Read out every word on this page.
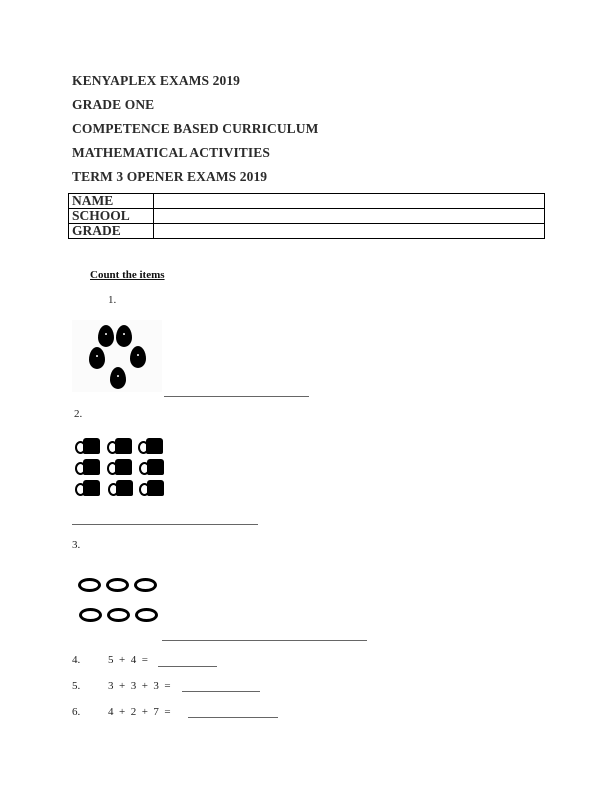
KENYAPLEX EXAMS 2019
GRADE ONE
COMPETENCE BASED CURRICULUM
MATHEMATICAL ACTIVITIES
TERM 3 OPENER EXAMS 2019
NAME	
SCHOOL	
GRADE	
Count the items
1.
2.
3.
4.	5  +  4  =
5.	3  +  3  +  3  =
6.	4  +  2  +  7  =
